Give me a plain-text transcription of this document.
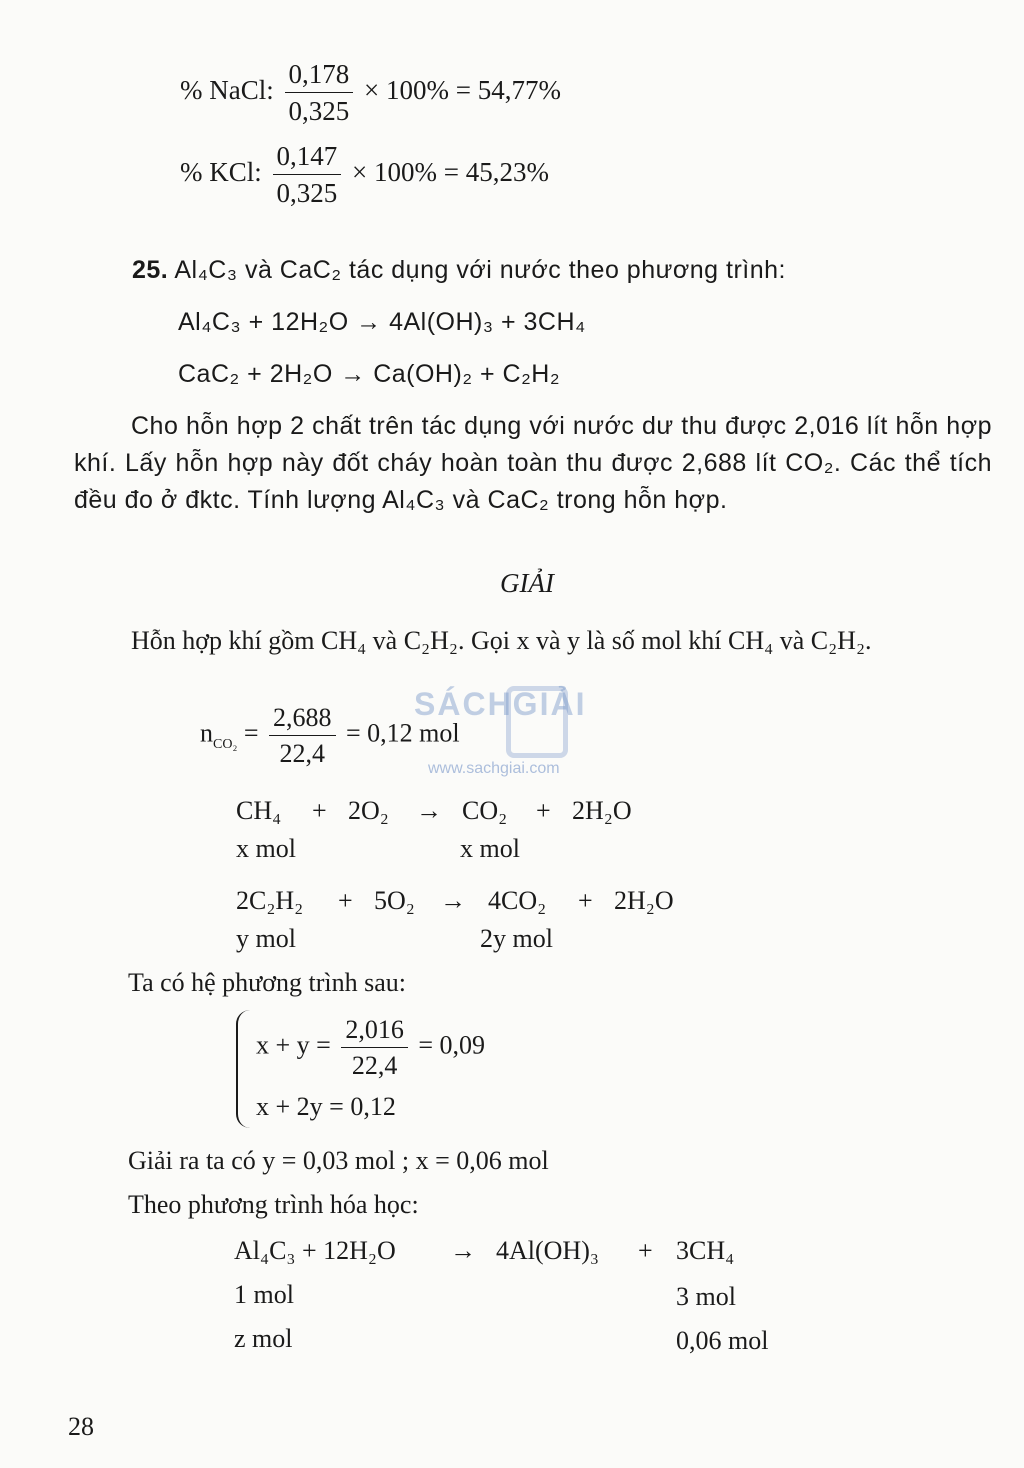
SÁCHGIẢI
www.sachgiai.com
% NaCl: $\frac{0,178}{0,325} \times 100\% = 54,77\%$
% KCl: $\frac{0,147}{0,325} \times 100\% = 45,23\%$
25. Al₄C₃ và CaC₂ tác dụng với nước theo phương trình:
Al₄C₃ + 12H₂O → 4Al(OH)₃ + 3CH₄
CaC₂ + 2H₂O → Ca(OH)₂ + C₂H₂
Cho hỗn hợp 2 chất trên tác dụng với nước dư thu được 2,016 lít hỗn hợp khí. Lấy hỗn hợp này đốt cháy hoàn toàn thu được 2,688 lít CO₂. Các thể tích đều đo ở đktc. Tính lượng Al₄C₃ và CaC₂ trong hỗn hợp.
GIẢI
Hỗn hợp khí gồm CH₄ và C₂H₂. Gọi x và y là số mol khí CH₄ và C₂H₂.
$n_{CO_2} = \frac{2,688}{22,4} = 0,12$ mol
CH₄ + 2O₂ → CO₂ + 2H₂O
x mol	x mol
2C₂H₂ + 5O₂ → 4CO₂ + 2H₂O
y mol	2y mol
Ta có hệ phương trình sau:
$x + y = \frac{2,016}{22,4} = 0,09$
x + 2y = 0,12
Giải ra ta có y = 0,03 mol ; x = 0,06 mol
Theo phương trình hóa học:
Al₄C₃ + 12H₂O → 4Al(OH)₃ + 3CH₄
1 mol	3 mol
z mol	0,06 mol
28
